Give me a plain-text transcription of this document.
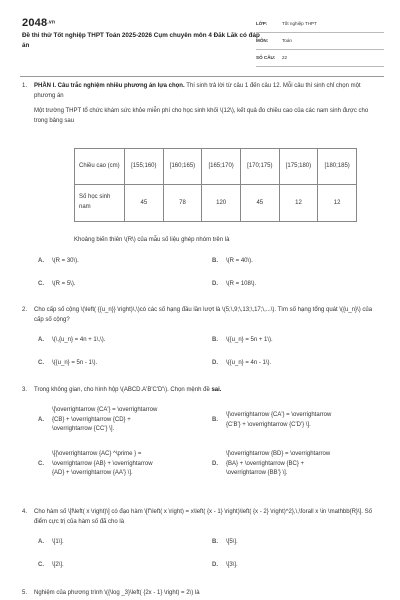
2048.vn
Đề thi thử Tốt nghiệp THPT Toán 2025-2026 Cụm chuyên môn 4 Đăk Lăk có đáp án
LỚP:	Tốt nghiệp THPT
MÔN:	Toán
SỐ CÂU:	22
1. PHẦN I. Câu trắc nghiệm nhiều phương án lựa chọn. Thí sinh trả lời từ câu 1 đến câu 12. Mỗi câu thí sinh chỉ chọn một phương án
Một trường THPT tổ chức khám sức khỏe miễn phí cho học sinh khối \(12\), kết quả đo chiều cao của các nam sinh được cho trong bảng sau
Chiều cao (cm)	[155;160)	[160;165)	[165;170)	[170;175)	[175;180)	[180;185)
Số học sinh nam	45	78	120	45	12	12
Khoảng biến thiên \(R\) của mẫu số liệu ghép nhóm trên là
A. \(R = 30\).	B. \(R = 40\).
C. \(R = 5\).	D. \(R = 108\).
2. Cho cấp số cộng \(\left( {{u_n}} \right)\,\)có các số hạng đầu lần lượt là \(5;\,9;\,13;\,17;\,...\). Tìm số hạng tổng quát \({u_n}\) của cấp số cộng?
A. \(\,{u_n} = 4n + 1\,\).	B. \({u_n} = 5n + 1\).
C. \({u_n} = 5n - 1\).	D. \({u_n} = 4n - 1\).
3. Trong không gian, cho hình hộp \(ABCD.A'B'C'D'\). Chọn mệnh đề sai.
A.
\[\overrightarrow {CA'} = \overrightarrow
{CB} + \overrightarrow {CD} +
\overrightarrow {CC'} \].
B.
\[\overrightarrow {CA'} = \overrightarrow
{C'B'} + \overrightarrow {C'D'} \].
C.
\[{\overrightarrow {AC} ^\prime } =
\overrightarrow {AB} + \overrightarrow
{AD} + \overrightarrow {AA'} \].
D.
\[\overrightarrow {BD} = \overrightarrow
{BA} + \overrightarrow {BC} +
\overrightarrow {BB'} \].
4. Cho hàm số \[f\left( x \right)\] có đạo hàm \[f'\left( x \right) = x\left( {x - 1} \right)\left( {x - 2} \right)^2},\,\forall x \in \mathbb{R}\]. Số điểm cực trị của hàm số đã cho là
A. \[1\].	B. \[5\].
C. \[2\].	D. \[3\].
5. Nghiệm của phương trình \({\log _3}\left( {2x - 1} \right) = 2\) là
